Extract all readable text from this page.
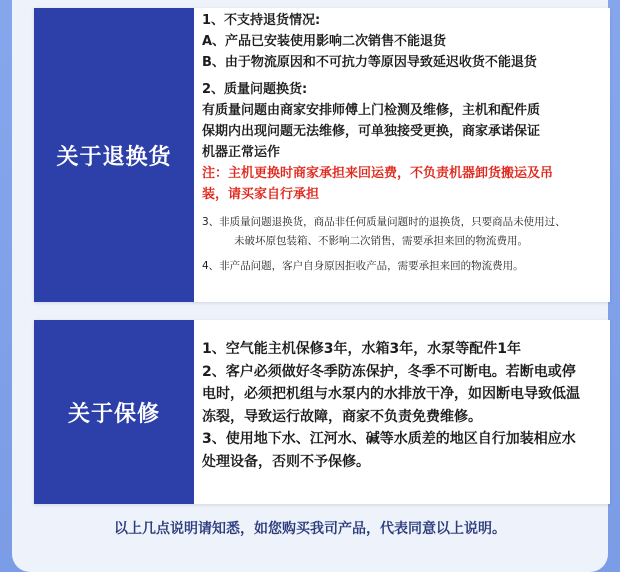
关于退换货
1、不支持退货情况:
A、产品已安装使用影响二次销售不能退货
B、由于物流原因和不可抗力等原因导致延迟收货不能退货
2、质量问题换货:
有质量问题由商家安排师傅上门检测及维修，主机和配件质
保期内出现问题无法维修，可单独接受更换，商家承诺保证
机器正常运作
注：主机更换时商家承担来回运费，不负责机器卸货搬运及吊
装，请买家自行承担
3、非质量问题退换货，商品非任何质量问题时的退换货，只要商品未使用过、
未破坏原包装箱、不影响二次销售，需要承担来回的物流费用。
4、非产品问题，客户自身原因拒收产品，需要承担来回的物流费用。
关于保修
1、空气能主机保修3年，水箱3年，水泵等配件1年
2、客户必须做好冬季防冻保护，冬季不可断电。若断电或停
电时，必须把机组与水泵内的水排放干净，如因断电导致低温
冻裂，导致运行故障，商家不负责免费维修。
3、使用地下水、江河水、碱等水质差的地区自行加装相应水
处理设备，否则不予保修。
以上几点说明请知悉，如您购买我司产品，代表同意以上说明。
